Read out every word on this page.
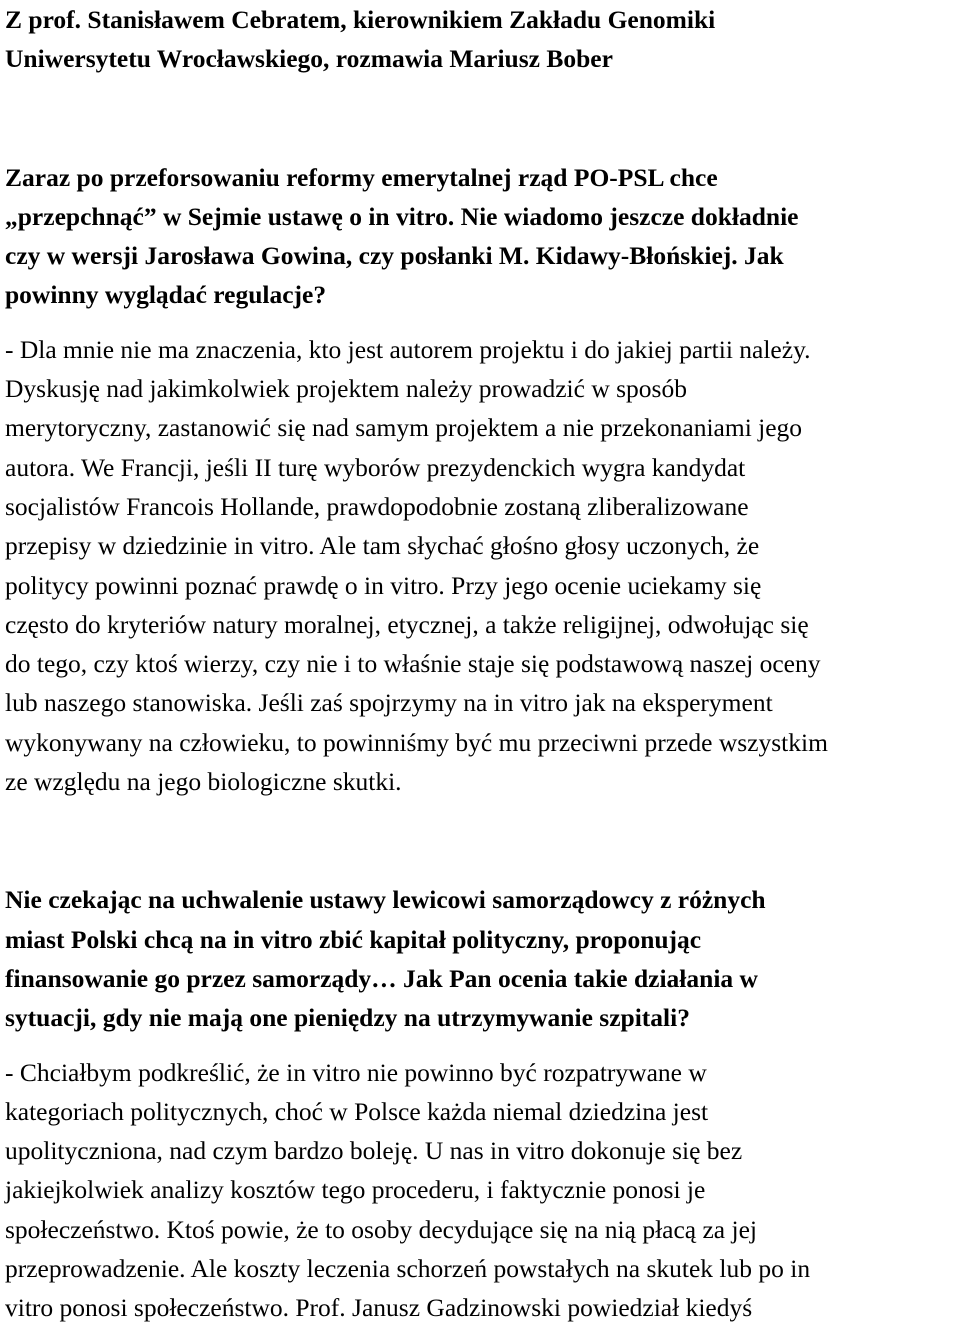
Z prof. Stanisławem Cebratem, kierownikiem Zakładu Genomiki
Uniwersytetu Wrocławskiego, rozmawia Mariusz Bober

Zaraz po przeforsowaniu reformy emerytalnej rząd PO-PSL chce
„przepchnąć” w Sejmie ustawę o in vitro. Nie wiadomo jeszcze dokładnie
czy w wersji Jarosława Gowina, czy posłanki M. Kidawy-Błońskiej. Jak
powinny wyglądać regulacje?

- Dla mnie nie ma znaczenia, kto jest autorem projektu i do jakiej partii należy.
Dyskusję nad jakimkolwiek projektem należy prowadzić w sposób
merytoryczny, zastanowić się nad samym projektem a nie przekonaniami jego
autora. We Francji, jeśli II turę wyborów prezydenckich wygra kandydat
socjalistów Francois Hollande, prawdopodobnie zostaną zliberalizowane
przepisy w dziedzinie in vitro. Ale tam słychać głośno głosy uczonych, że
politycy powinni poznać prawdę o in vitro. Przy jego ocenie uciekamy się
często do kryteriów natury moralnej, etycznej, a także religijnej, odwołując się
do tego, czy ktoś wierzy, czy nie i to właśnie staje się podstawową naszej oceny
lub naszego stanowiska. Jeśli zaś spojrzymy na in vitro jak na eksperyment
wykonywany na człowieku, to powinniśmy być mu przeciwni przede wszystkim
ze względu na jego biologiczne skutki.

Nie czekając na uchwalenie ustawy lewicowi samorządowcy z różnych
miast Polski chcą na in vitro zbić kapitał polityczny, proponując
finansowanie go przez samorządy… Jak Pan ocenia takie działania w
sytuacji, gdy nie mają one pieniędzy na utrzymywanie szpitali?

- Chciałbym podkreślić, że in vitro nie powinno być rozpatrywane w
kategoriach politycznych, choć w Polsce każda niemal dziedzina jest
upolityczniona, nad czym bardzo boleję. U nas in vitro dokonuje się bez
jakiejkolwiek analizy kosztów tego procederu, i faktycznie ponosi je
społeczeństwo. Ktoś powie, że to osoby decydujące się na nią płacą za jej
przeprowadzenie. Ale koszty leczenia schorzeń powstałych na skutek lub po in
vitro ponosi społeczeństwo. Prof. Janusz Gadzinowski powiedział kiedyś
